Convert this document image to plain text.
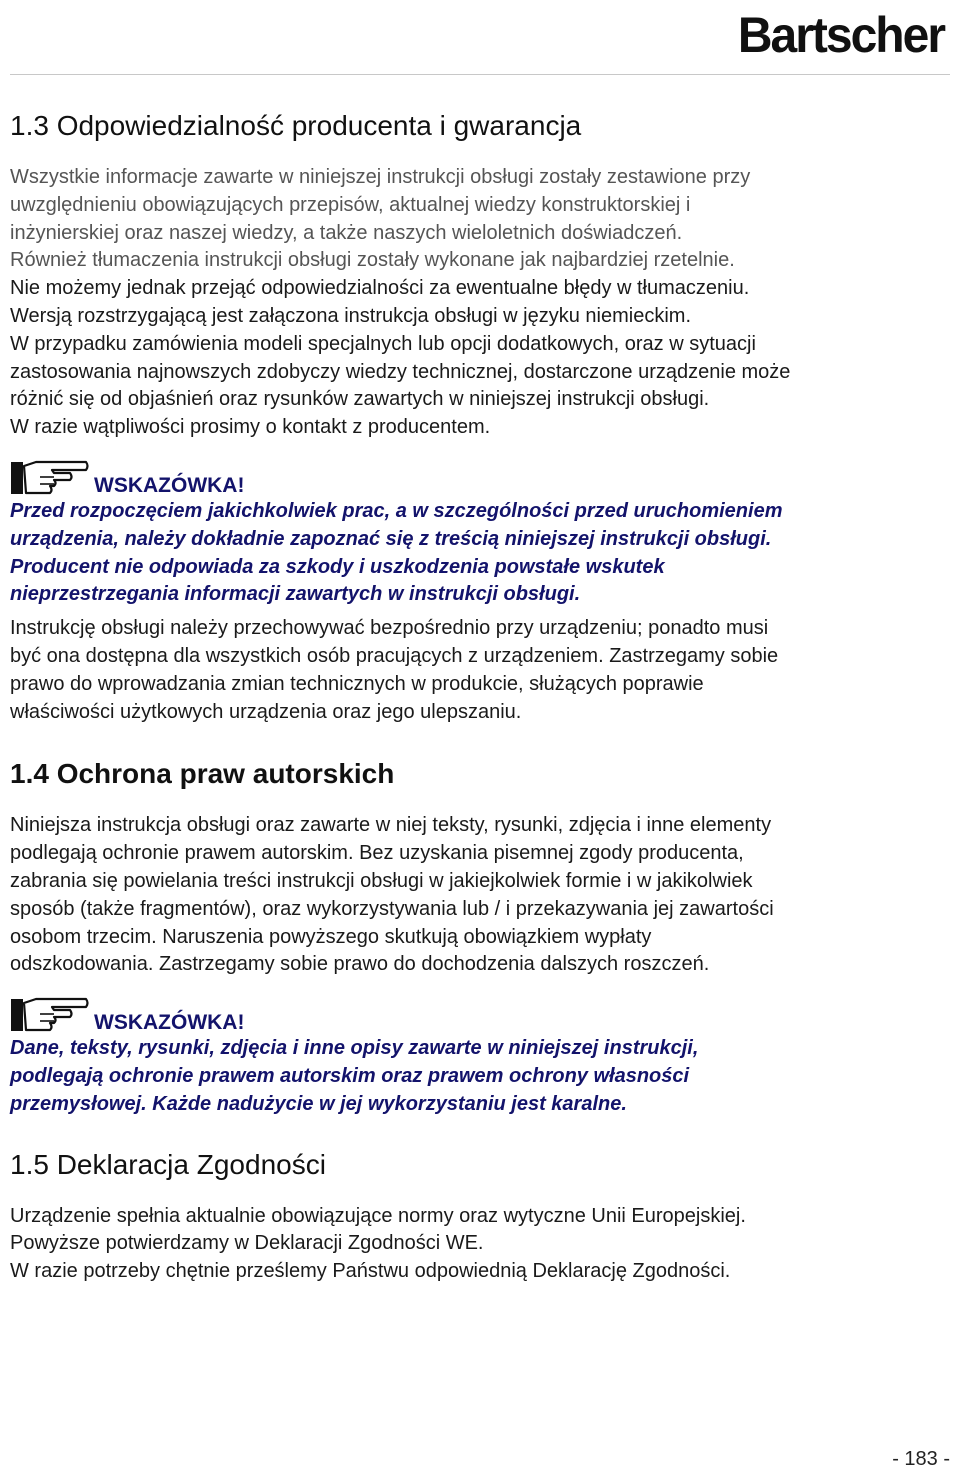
Bartscher
1.3 Odpowiedzialność producenta i gwarancja

Wszystkie informacje zawarte w niniejszej instrukcji obsługi zostały zestawione przy

uwzględnieniu obowiązujących przepisów, aktualnej wiedzy konstruktorskiej i

inżynierskiej oraz naszej wiedzy, a także naszych wieloletnich doświadczeń.

Również tłumaczenia instrukcji obsługi zostały wykonane jak najbardziej rzetelnie.

Nie możemy jednak przejąć odpowiedzialności za ewentualne błędy w tłumaczeniu.

Wersją rozstrzygającą jest załączona instrukcja obsługi w języku niemieckim.

W przypadku zamówienia modeli specjalnych lub opcji dodatkowych, oraz w sytuacji

zastosowania najnowszych zdobyczy wiedzy technicznej, dostarczone urządzenie może

różnić się od objaśnień oraz rysunków zawartych w niniejszej instrukcji obsługi.

W razie wątpliwości prosimy o kontakt z producentem.

WSKAZÓWKA!

Przed rozpoczęciem jakichkolwiek prac, a w szczególności przed uruchomieniem

urządzenia, należy dokładnie zapoznać się z treścią niniejszej instrukcji obsługi.

Producent nie odpowiada za szkody i uszkodzenia powstałe wskutek

nieprzestrzegania informacji zawartych w instrukcji obsługi.

Instrukcję obsługi należy przechowywać bezpośrednio przy urządzeniu; ponadto musi

być ona dostępna dla wszystkich osób pracujących z urządzeniem. Zastrzegamy sobie

prawo do wprowadzania zmian technicznych w produkcie, służących poprawie

właściwości użytkowych urządzenia oraz jego ulepszaniu.

1.4 Ochrona praw autorskich

Niniejsza instrukcja obsługi oraz zawarte w niej teksty, rysunki, zdjęcia i inne elementy

podlegają ochronie prawem autorskim. Bez uzyskania pisemnej zgody producenta,

zabrania się powielania treści instrukcji obsługi w jakiejkolwiek formie i w jakikolwiek

sposób (także fragmentów), oraz wykorzystywania lub / i przekazywania jej zawartości

osobom trzecim. Naruszenia powyższego skutkują obowiązkiem wypłaty

odszkodowania. Zastrzegamy sobie prawo do dochodzenia dalszych roszczeń.

WSKAZÓWKA!

Dane, teksty, rysunki, zdjęcia i inne opisy zawarte w niniejszej instrukcji,

podlegają ochronie prawem autorskim oraz prawem ochrony własności

przemysłowej. Każde nadużycie w jej wykorzystaniu jest karalne.

1.5 Deklaracja Zgodności

Urządzenie spełnia aktualnie obowiązujące normy oraz wytyczne Unii Europejskiej.

Powyższe potwierdzamy w Deklaracji Zgodności WE.

W razie potrzeby chętnie prześlemy Państwu odpowiednią Deklarację Zgodności.

- 183 -
